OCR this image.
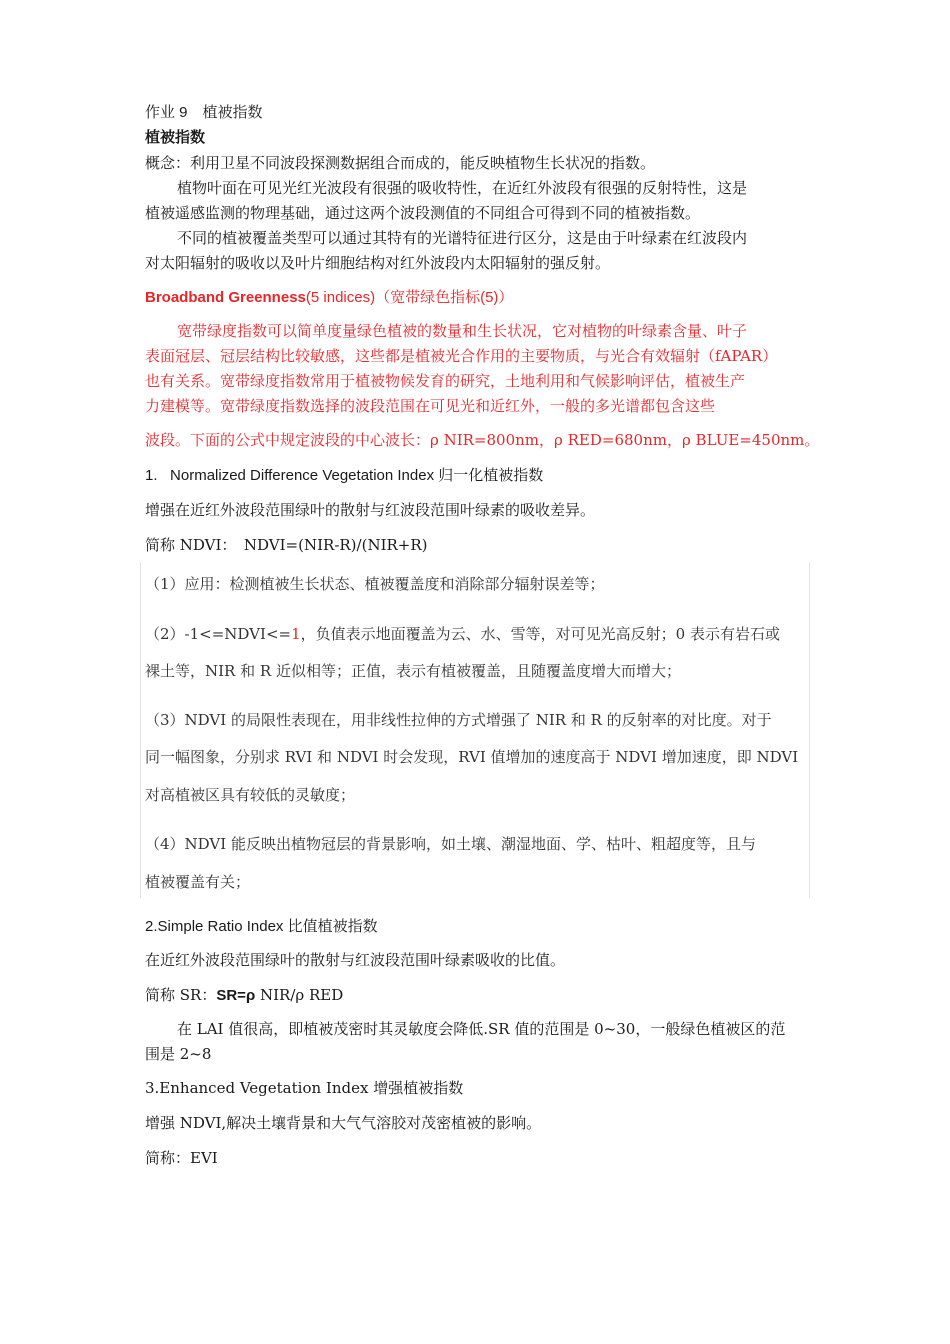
作业 9　植被指数
植被指数
概念：利用卫星不同波段探测数据组合而成的，能反映植物生长状况的指数。
植物叶面在可见光红光波段有很强的吸收特性，在近红外波段有很强的反射特性，这是
植被遥感监测的物理基础，通过这两个波段测值的不同组合可得到不同的植被指数。
不同的植被覆盖类型可以通过其特有的光谱特征进行区分，这是由于叶绿素在红波段内
对太阳辐射的吸收以及叶片细胞结构对红外波段内太阳辐射的强反射。
Broadband Greenness(5 indices)（宽带绿色指标(5)）
宽带绿度指数可以简单度量绿色植被的数量和生长状况，它对植物的叶绿素含量、叶子
表面冠层、冠层结构比较敏感，这些都是植被光合作用的主要物质，与光合有效辐射（fAPAR）
也有关系。宽带绿度指数常用于植被物候发育的研究，土地利用和气候影响评估，植被生产
力建模等。宽带绿度指数选择的波段范围在可见光和近红外，一般的多光谱都包含这些
波段。下面的公式中规定波段的中心波长：ρ NIR=800nm，ρ RED=680nm，ρ BLUE=450nm。
1. Normalized Difference Vegetation Index 归一化植被指数
增强在近红外波段范围绿叶的散射与红波段范围叶绿素的吸收差异。
简称 NDVI：　NDVI=(NIR-R)/(NIR+R)
（1）应用：检测植被生长状态、植被覆盖度和消除部分辐射误差等；
（2）-1<=NDVI<=1，负值表示地面覆盖为云、水、雪等，对可见光高反射；0 表示有岩石或
裸土等，NIR 和 R 近似相等；正值，表示有植被覆盖，且随覆盖度增大而增大；
（3）NDVI 的局限性表现在，用非线性拉伸的方式增强了 NIR 和 R 的反射率的对比度。对于
同一幅图象，分别求 RVI 和 NDVI 时会发现，RVI 值增加的速度高于 NDVI 增加速度，即 NDVI
对高植被区具有较低的灵敏度；
（4）NDVI 能反映出植物冠层的背景影响，如土壤、潮湿地面、学、枯叶、粗超度等，且与
植被覆盖有关；
2.Simple Ratio Index 比值植被指数
在近红外波段范围绿叶的散射与红波段范围叶绿素吸收的比值。
简称 SR：SR=ρ NIR/ρ RED
在 LAI 值很高，即植被茂密时其灵敏度会降低.SR 值的范围是 0~30，一般绿色植被区的范
围是 2~8
3.Enhanced Vegetation Index 增强植被指数
增强 NDVI,解决土壤背景和大气气溶胶对茂密植被的影响。
简称：EVI
